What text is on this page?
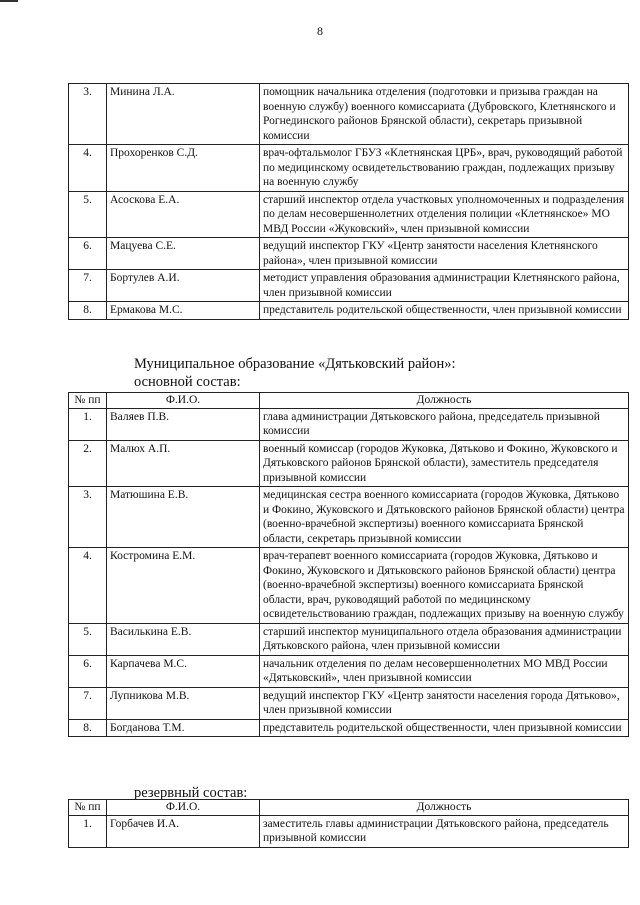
8
3.	Минина Л.А.	помощник начальника отделения (подготовки и призыва граждан на военную службу) военного комиссариата (Дубровского, Клетнянского и Рогнединского районов Брянской области), секретарь призывной комиссии
4.	Прохоренков С.Д.	врач-офтальмолог ГБУЗ «Клетнянская ЦРБ», врач, руководящий работой по медицинскому освидетельствованию граждан, подлежащих призыву на военную службу
5.	Асоскова Е.А.	старший инспектор отдела участковых уполномоченных и подразделения по делам несовершеннолетних отделения полиции «Клетнянское» МО МВД России «Жуковский», член призывной комиссии
6.	Мацуева С.Е.	ведущий инспектор ГКУ «Центр занятости населения Клетнянского района», член призывной комиссии
7.	Бортулев А.И.	методист управления образования администрации Клетнянского района, член призывной комиссии
8.	Ермакова М.С.	представитель родительской общественности, член призывной комиссии
Муниципальное образование «Дятьковский район»:
основной состав:
№ пп	Ф.И.О.	Должность
1.	Валяев П.В.	глава администрации Дятьковского района, председатель призывной комиссии
2.	Малюх А.П.	военный комиссар (городов Жуковка, Дятьково и Фокино, Жуковского и Дятьковского районов Брянской области), заместитель председателя призывной комиссии
3.	Матюшина Е.В.	медицинская сестра военного комиссариата (городов Жуковка, Дятьково и Фокино, Жуковского и Дятьковского районов Брянской области) центра (военно-врачебной экспертизы) военного комиссариата Брянской области, секретарь призывной комиссии
4.	Костромина Е.М.	врач-терапевт военного комиссариата (городов Жуковка, Дятьково и Фокино, Жуковского и Дятьковского районов Брянской области) центра (военно-врачебной экспертизы) военного комиссариата Брянской области, врач, руководящий работой по медицинскому освидетельствованию граждан, подлежащих призыву на военную службу
5.	Василькина Е.В.	старший инспектор муниципального отдела образования администрации Дятьковского района, член призывной комиссии
6.	Карпачева М.С.	начальник отделения по делам несовершеннолетних МО МВД России «Дятьковский», член призывной комиссии
7.	Лупникова М.В.	ведущий инспектор ГКУ «Центр занятости населения города Дятьково», член призывной комиссии
8.	Богданова Т.М.	представитель родительской общественности, член призывной комиссии
резервный состав:
№ пп	Ф.И.О.	Должность
1.	Горбачев И.А.	заместитель главы администрации Дятьковского района, председатель призывной комиссии
